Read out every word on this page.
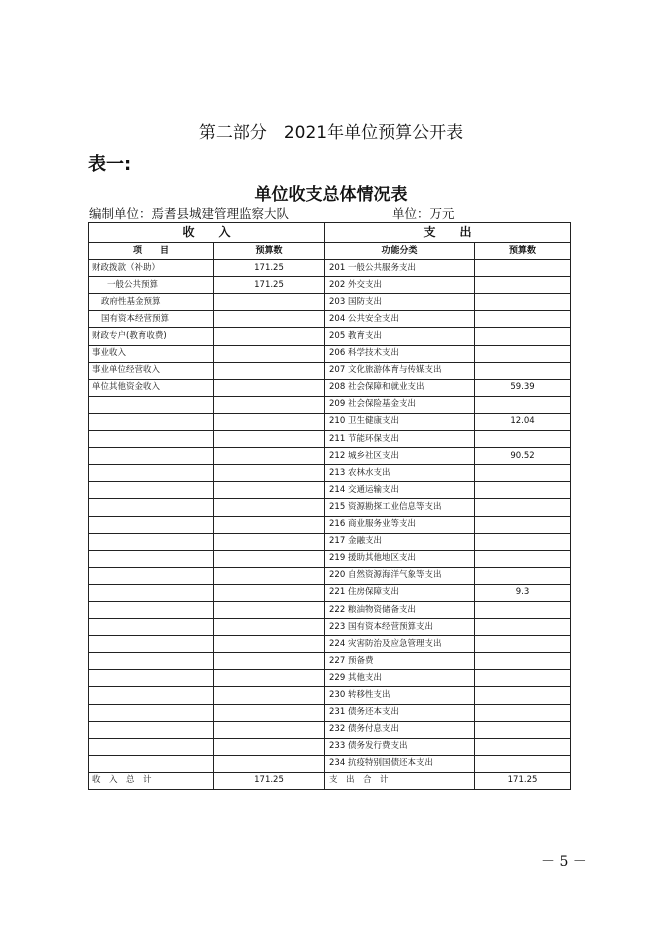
第二部分　2021年单位预算公开表
表一:
单位收支总体情况表
编制单位：焉耆县城建管理监察大队	单位：万元
收　　入		支　　出	
项　　目	预算数	功能分类	预算数
财政拨款（补助）	171.25	201 一般公共服务支出	
一般公共预算	171.25	202 外交支出	
政府性基金预算		203 国防支出	
国有资本经营预算		204 公共安全支出	
财政专户(教育收费)		205 教育支出	
事业收入		206 科学技术支出	
事业单位经营收入		207 文化旅游体育与传媒支出	
单位其他资金收入		208 社会保障和就业支出	59.39
		209 社会保险基金支出	
		210 卫生健康支出	12.04
		211 节能环保支出	
		212 城乡社区支出	90.52
		213 农林水支出	
		214 交通运输支出	
		215 资源勘探工业信息等支出	
		216 商业服务业等支出	
		217 金融支出	
		219 援助其他地区支出	
		220 自然资源海洋气象等支出	
		221 住房保障支出	9.3
		222 粮油物资储备支出	
		223 国有资本经营预算支出	
		224 灾害防治及应急管理支出	
		227 预备费	
		229 其他支出	
		230 转移性支出	
		231 债务还本支出	
		232 债务付息支出	
		233 债务发行费支出	
		234 抗疫特别国债还本支出	
收　入　总　计	171.25	支　出　合　计	171.25
－ 5 －
